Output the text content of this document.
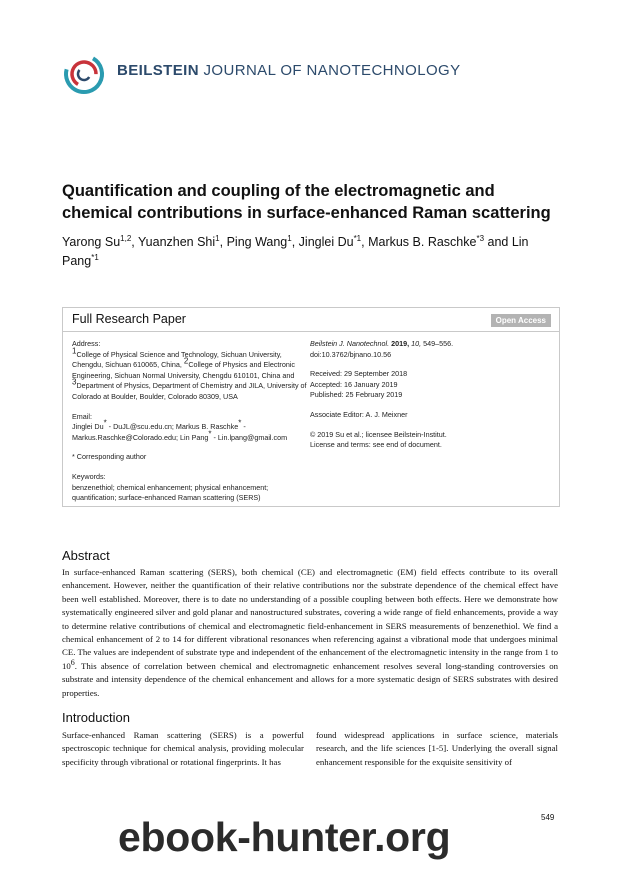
BEILSTEIN JOURNAL OF NANOTECHNOLOGY
Quantification and coupling of the electromagnetic and chemical contributions in surface-enhanced Raman scattering
Yarong Su$^{1,2}$, Yuanzhen Shi$^1$, Ping Wang$^1$, Jinglei Du$^{*1}$, Markus B. Raschke$^{*3}$ and Lin Pang$^{*1}$
Full Research Paper	Open Access

Address:

$^1$College of Physical Science and Technology, Sichuan University, Chengdu, Sichuan 610065, China, $^2$College of Physics and Electronic Engineering, Sichuan Normal University, Chengdu 610101, China and $^3$Department of Physics, Department of Chemistry and JILA, University of Colorado at Boulder, Boulder, Colorado 80309, USA

Email:

Jinglei Du* - DuJL@scu.edu.cn; Markus B. Raschke* - Markus.Raschke@Colorado.edu; Lin Pang* - Lin.lpang@gmail.com

* Corresponding author

Keywords:

benzenethiol; chemical enhancement; physical enhancement; quantification; surface-enhanced Raman scattering (SERS)

Beilstein J. Nanotechnol. 2019, 10, 549–556.

doi:10.3762/bjnano.10.56

Received: 29 September 2018

Accepted: 16 January 2019

Published: 25 February 2019

Associate Editor: A. J. Meixner

© 2019 Su et al.; licensee Beilstein-Institut.

License and terms: see end of document.

Abstract
In surface-enhanced Raman scattering (SERS), both chemical (CE) and electromagnetic (EM) field effects contribute to its overall enhancement. However, neither the quantification of their relative contributions nor the substrate dependence of the chemical effect have been well established. Moreover, there is to date no understanding of a possible coupling between both effects. Here we demonstrate how systematically engineered silver and gold planar and nanostructured substrates, covering a wide range of field enhancements, provide a way to determine relative contributions of chemical and electromagnetic field-enhancement in SERS measurements of benzenethiol. We find a chemical enhancement of 2 to 14 for different vibrational resonances when referencing against a vibrational mode that undergoes minimal CE. The values are independent of substrate type and independent of the enhancement of the electromagnetic intensity in the range from 1 to $10^6$. This absence of correlation between chemical and electromagnetic enhancement resolves several long-standing controversies on substrate and intensity dependence of the chemical enhancement and allows for a more systematic design of SERS substrates with desired properties.
Introduction
Surface-enhanced Raman scattering (SERS) is a powerful spectroscopic technique for chemical analysis, providing molecular specificity through vibrational or rotational fingerprints. It has
found widespread applications in surface science, materials research, and the life sciences [1-5]. Underlying the overall signal enhancement responsible for the exquisite sensitivity of
549
ebook-hunter.org
